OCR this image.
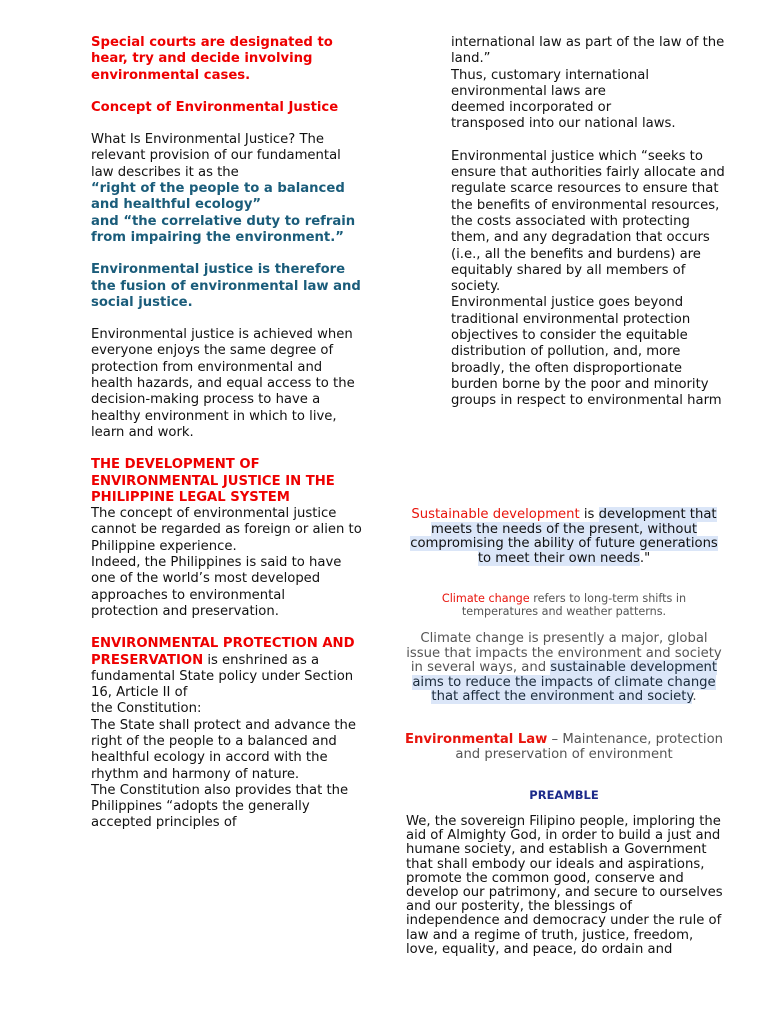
Special courts are designated to hear, try and decide involving environmental cases.

Concept of Environmental Justice

What Is Environmental Justice? The relevant provision of our fundamental law describes it as the

“right of the people to a balanced and healthful ecology”

and “the correlative duty to refrain from impairing the environment.”

Environmental justice is therefore the fusion of environmental law and social justice.

Environmental justice is achieved when everyone enjoys the same degree of protection from environmental and health hazards, and equal access to the decision-making process to have a healthy environment in which to live, learn and work.

THE DEVELOPMENT OF ENVIRONMENTAL JUSTICE IN THE PHILIPPINE LEGAL SYSTEM

The concept of environmental justice cannot be regarded as foreign or alien to Philippine experience.

Indeed, the Philippines is said to have one of the world’s most developed approaches to environmental

protection and preservation.

ENVIRONMENTAL PROTECTION AND PRESERVATION is enshrined as a fundamental State policy under Section 16, Article II of

the Constitution:

The State shall protect and advance the right of the people to a balanced and

healthful ecology in accord with the rhythm and harmony of nature.

The Constitution also provides that the Philippines “adopts the generally accepted principles of

international law as part of the law of the land.”

Thus, customary international environmental laws are

deemed incorporated or

transposed into our national laws.

Environmental justice which “seeks to ensure that authorities fairly allocate and regulate scarce resources to ensure that the benefits of environmental resources, the costs associated with protecting

them, and any degradation that occurs (i.e., all the benefits and burdens) are equitably shared by all members of society.

Environmental justice goes beyond traditional environmental protection objectives to consider the equitable distribution of pollution, and, more broadly, the often disproportionate burden borne by the poor and minority groups in respect to environmental harm

Sustainable development is development that meets the needs of the present, without compromising the ability of future generations to meet their own needs."
Climate change refers to long-term shifts in temperatures and weather patterns.
Climate change is presently a major, global issue that impacts the environment and society in several ways, and sustainable development aims to reduce the impacts of climate change that affect the environment and society.
Environmental Law – Maintenance, protection and preservation of environment
PREAMBLE
We, the sovereign Filipino people, imploring the aid of Almighty God, in order to build a just and humane society, and establish a Government that shall embody our ideals and aspirations, promote the common good, conserve and develop our patrimony, and secure to ourselves and our posterity, the blessings of independence and democracy under the rule of law and a regime of truth, justice, freedom, love, equality, and peace, do ordain and
